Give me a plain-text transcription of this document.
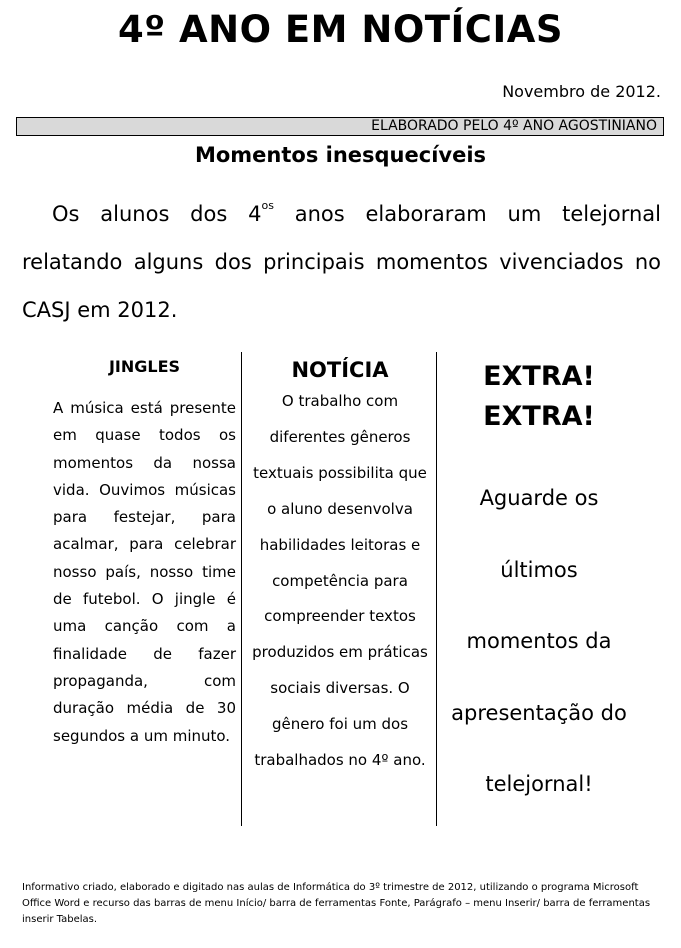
4º ANO EM NOTÍCIAS
Novembro de 2012.
ELABORADO PELO 4º ANO AGOSTINIANO
Momentos inesquecíveis

Os alunos dos $4^{os}$ anos elaboraram um telejornal relatando alguns dos principais momentos vivenciados no CASJ em 2012.

JINGLES

A música está presente em quase todos os momentos da nossa vida. Ouvimos músicas para festejar, para acalmar, para celebrar nosso país, nosso time de futebol. O jingle é uma canção com a finalidade de fazer propaganda, com duração média de 30 segundos a um minuto.

NOTÍCIA

O trabalho com diferentes gêneros textuais possibilita que o aluno desenvolva habilidades leitoras e competência para compreender textos produzidos em práticas sociais diversas. O gênero foi um dos trabalhados no 4º ano.

EXTRA!
EXTRA!

Aguarde os últimos momentos da apresentação do telejornal!

Informativo criado, elaborado e digitado nas aulas de Informática do 3º trimestre de 2012, utilizando o programa Microsoft Office Word e recurso das barras de menu Início/ barra de ferramentas Fonte, Parágrafo – menu Inserir/ barra de ferramentas inserir Tabelas.
